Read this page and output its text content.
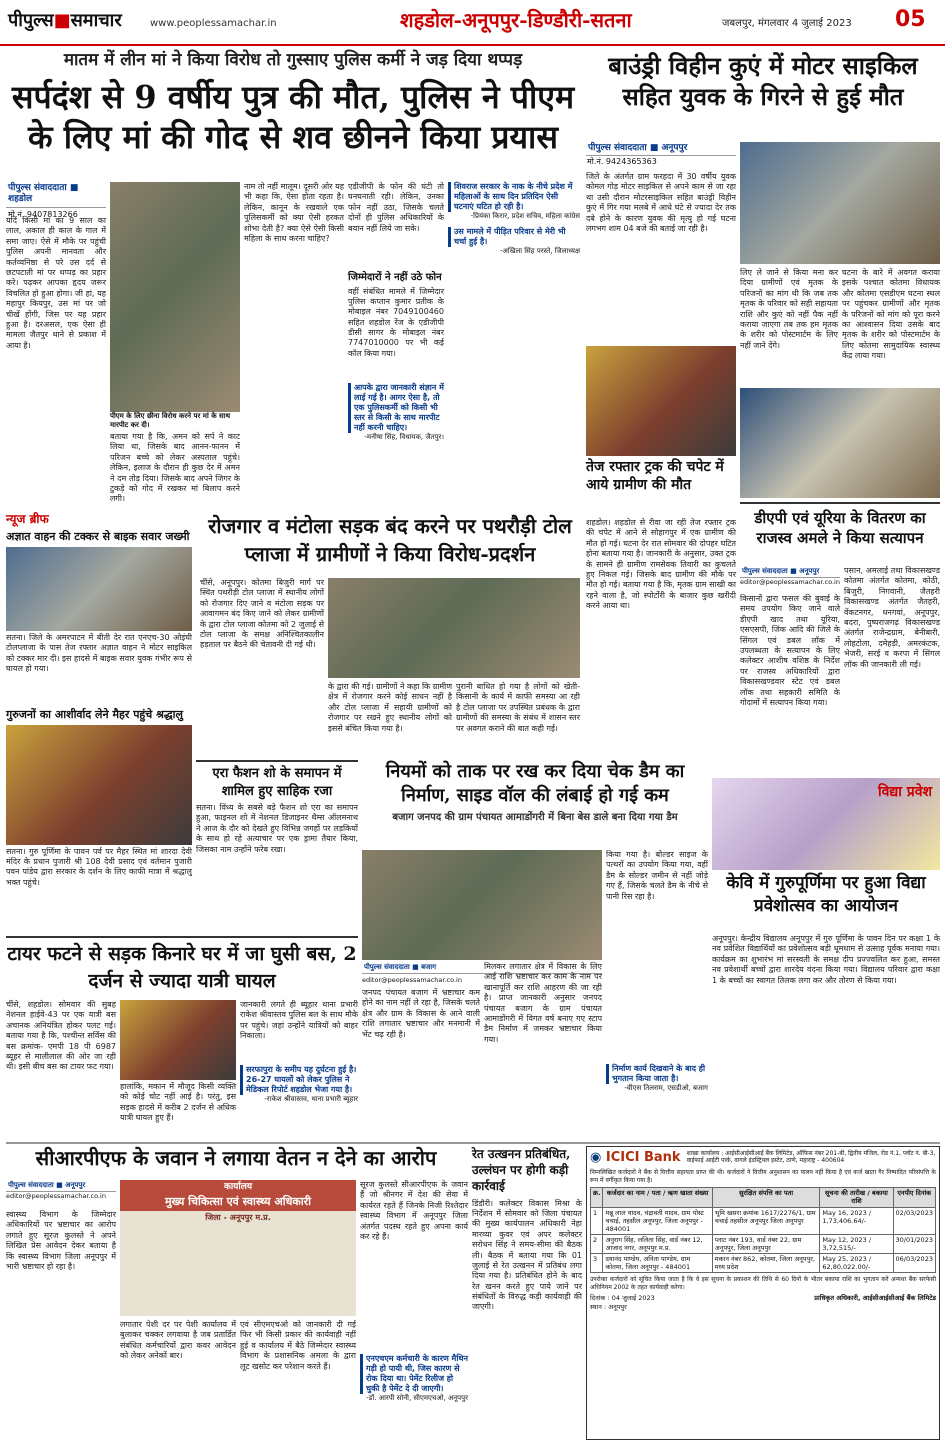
पीपुल्स■समाचार	www.peoplessamachar.in	शहडोल-अनूपपुर-डिण्डौरी-सतना	जबलपुर, मंगलवार 4 जुलाई 2023 05
मातम में लीन मां ने किया विरोध तो गुस्साए पुलिस कर्मी ने जड़ दिया थप्पड़
सर्पदंश से 9 वर्षीय पुत्र की मौत, पुलिस ने पीएम के लिए मां की गोद से शव छीनने किया प्रयास
पीपुल्स संवाददाता ■ शहडोल
मो.नं. 9407813266
यदि किसी मां का 9 साल का लाल, अकाल ही काल के गाल में समा जाए। ऐसे में मौके पर पहुंची पुलिस अपनी मानवता और कर्तव्यनिष्ठा से परे उस दर्द से छटपटाती मां पर थप्पड़ का प्रहार करे। पढ़कर आपका हृदय जरूर विचलित हो हुआ होगा। जी हां, यह महापुर कियपुर, उस मां पर जो चीखें होंगी, जिस पर यह प्रहार हुआ है। दरअसल, एक ऐसा ही मामला जैतपुर थाने से प्रकाश में आया है।
पीएम के लिए छीना विरोध करने पर मां के साथ मारपीट कर दी।
बताया गया है कि, अमन को सर्प ने काट लिया था, जिसके बाद आनन-फानन में परिजन बच्चे को लेकर अस्पताल पहुंचे। लेकिन, इलाज के दौरान ही कुछ देर में अमन ने दम तोड़ दिया। जिसके बाद अपने जिगर के टुकड़े को गोद में रखकर मां बिलाप करने लगी।
नाम तो नहीं मालूम। दूसरी ओर यह भी कहा कि, ऐसा होता रहता है। लेकिन, कानून के रखवाले एक पुलिसकर्मी को क्या ऐसी हरकत शोभा देती है? क्या ऐसे ऐसी किसी महिला के साथ करना चाहिए?
एडीजीपी के फोन की घंटी तो घनघनाती रही। लेकिन, उनका फोन नहीं उठा, जिसके चलते दोनों ही पुलिस अधिकारियों के बयान नहीं लिये जा सके।
जिम्मेदारों ने नहीं उठे फोन
वहीं संबंधित मामले में जिम्मेदार पुलिस कप्तान कुमार प्रतीक के मोबाइल नंबर 7049100460 सहित शहडोल रेंज के एडीजीपी डीसी सागर के मोबाइल नंबर 7747010000 पर भी कई कॉल किया गया।
आपके द्वारा जानकारी संज्ञान में लाई गई है। आगर ऐसा है, तो एक पुलिसकर्मी को किसी भी स्तर से किसी के साथ मारपीट नहीं करनी चाहिए।
-मनीषा सिंह, विधायक, जैतपुर।
शिवराज सरकार के नाक के नीचे प्रदेश में महिलाओं के साथ दिन प्रतिदिन ऐसी घटनाएं घटित हो रही है।
-प्रियंका किरार, प्रदेश सचिव, महिला कांग्रेस
उस मामले में पीड़ित परिवार से मेरी भी चर्चा हुई है।
-अखिला सिंह परस्ते, जिलाध्यक्ष
बाउंड्री विहीन कुएं में मोटर साइकिल सहित युवक के गिरने से हुई मौत
पीपुल्स संवाददाता ■ अनूपपुर
मो.नं. 9424365363
जिले के अंतर्गत ग्राम फरहदा में 30 वर्षीय युवक कोमल गोड़ मोटर साइकिल से अपने काम से जा रहा था उसी दौरान मोटरसाइकिल सहित बाउंड्री विहीन कुएं में गिर गया मलबे में आधे घंटे से ज्यादा देर तक दबे होने के कारण युवक की मृत्यु हो गई घटना लगभग शाम 04 बजे की बताई जा रही है।
लिए ले जाने से किया मना कर दिया ग्रामीणों एवं मृतक के परिजनों का मांग थी कि जब तक मृतक के परिवार को सही सहायता राशि और कुएं को नहीं पैक नहीं कराया जाएगा तब तक हम मृतक के शरीर को पोस्टमार्टम के लिए नहीं जाने देंगे।
घटना के बारे में अवगत कराया इसके पश्चात कोतमा विधायक और कोतमा एसडीएम घटना स्थल पर पहुंचकर ग्रामीणों और मृतक के परिजनों को मांग को पूरा करने का आश्वासन दिया उसके बाद मृतक के शरीर को पोस्टमार्टम के लिए कोतमा सामुदायिक स्वास्थ्य केंद्र लाया गया।
तेज रफ्तार ट्रक की चपेट में आये ग्रामीण की मौत
शहडोल। शहडोल से रीवा जा रही तेज रफ्तार ट्रक की चपेट में आने से सोहागपुर में एक ग्रामीण की मौत हो गई। घटना देर रात सोमवार की दोपहर घटित होना बताया गया है। जानकारी के अनुसार, उक्त ट्रक के सामने ही ग्रामीण रामसेवक तिवारी का कुचलते हुए निकल गई। जिसके बाद ग्रामीण की मौके पर मौत हो गई। बताया गया है कि, मृतक ग्राम साखी का रहने वाला है, जो स्पोर्टोरी के बाजार कुछ खरीदी करने आया था।
डीएपी एवं यूरिया के वितरण का राजस्व अमले ने किया सत्यापन
पीपुल्स संवाददाता ■ अनूपपुर
editor@peoplessamachar.co.in
किसानों द्वारा फसल की बुवाई के समय उपयोग किए जाने वाले डीएपी खाद तथा यूरिया, एसएसपी, जिंक आदि की जिले के सिंगल एवं डबल लॉक में उपलब्धता के सत्यापन के लिए कलेक्टर आशीष वशिष्ठ के निर्देश पर राजस्व अधिकारियों द्वारा विकासखण्डवार स्टेट एवं डबल लॉक तथा सहकारी समिति के गोदामों में सत्यापन किया गया।
पसान, अमलाई तथा विकासखण्ड कोतमा अंतर्गत कोतमा, कोठी, बिजुरी, निगवानी, जैतहरी विकासखण्ड अंतर्गत जैतहरी, वेंकटनगर, धनगवां, अनूपपुर, बदरा, पुष्पराजगढ़ विकासखण्ड अंतर्गत राजेन्द्रग्राम, बेनीबारी, लोहटोला, दमेहड़ी, अमरकंटक, भेजरी, सरई व करपा में सिंगल लॉक की जानकारी ली गई।
विद्या प्रवेश
केवि में गुरुपूर्णिमा पर हुआ विद्या प्रवेशोत्सव का आयोजन
अनूपपुर। केन्द्रीय विद्यालय अनूपपुर में गुरु पूर्णिमा के पावन दिन पर कक्षा 1 के नव प्रवेशित विद्यार्थियों का प्रवेशोत्सव बड़ी धूमधाम से उत्साह पूर्वक मनाया गया। कार्यक्रम का शुभारंभ मां सरस्वती के समक्ष दीप प्रज्ज्वलित कर हुआ, समस्त नव प्रवेशार्थी बच्चों द्वारा शारदेय वंदना किया गया। विद्यालय परिवार द्वारा कक्षा 1 के बच्चों का स्वागत तिलक लगा कर और तोरण से किया गया।
रोजगार व मंटोला सड़क बंद करने पर पथरौड़ी टोल प्लाजा में ग्रामीणों ने किया विरोध-प्रदर्शन
चींसे, अनूपपुर। कोतमा बिजुरी मार्ग पर स्थित पथरौड़ी टोल प्लाजा में स्थानीय लोगों को रोजगार दिए जाने व मंटोला सड़क पर आवागमन बंद किए जाने को लेकर ग्रामीणों के द्वारा टोल प्लाजा कोतमा को 2 जुलाई से टोल प्लाजा के समक्ष अनिश्चितकालीन हड़ताल पर बैठने की चेतावनी दी गई थी।
के द्वारा की गई। ग्रामीणों ने कहा कि ग्रामीण क्षेत्र में रोजगार करने कोई साधन नहीं है और टोल प्लाजा में सहायी ग्रामीणों को रोजगार पर रखने हुए स्थानीय लोगों को इससे बंचित किया गया है।
पुरानी बाधित हो गया है लोगों को खेती-किसानी के कार्य में काफी समस्या आ रही है टोल प्लाजा पर उपस्थित प्रबंधक के द्वारा ग्रामीणों की समस्या के संबंध में शासन स्तर पर अवगत कराने की बात कही गई।
न्यूज ब्रीफ
अज्ञात वाहन की टक्कर से बाइक सवार जख्मी
सतना। जिले के अमरपाटन में बीती देर रात एनएच-30 ओइंघी टोलप्लाजा के पास तेज रफ्तार अज्ञात वाहन ने मोटर साइकिल को टक्कर मार दी। इस हादसे में बाइक सवार युवक गंभीर रूप से घायल हो गया।
गुरुजनों का आशीर्वाद लेने मैहर पहुंचे श्रद्धालु
सतना। गुरु पूर्णिमा के पावन पर्व पर मैहर स्थित मां शारदा देवी मंदिर के प्रधान पुजारी श्री 108 देवी प्रसाद एवं वर्तमान पुजारी पवन पांडेय द्वारा सरकार के दर्शन के लिए काफी मात्रा में श्रद्धालु भक्त पहुंचे।
एरा फैशन शो के समापन में शामिल हुए साहिक रजा
सतना। विंध्य के सबसे बड़े फैशन शो एरा का समापन हुआ, फाइनल शो में नेशनल डिजाइनर थैम्स ऑलमनाथ ने आज के दौर को देखते हुए विभिन्न जगहों पर लड़कियों के साथ हो रहे अत्याचार पर एक ड्रामा तैयार किया, जिसका नाम उन्होंने फरेब रखा।
नियमों को ताक पर रख कर दिया चेक डैम का निर्माण, साइड वॉल की लंबाई हो गई कम
बजाग जनपद की ग्राम पंचायत आमाडोंगरी में बिना बेस डाले बना दिया गया डैम
पीपुल्स संवाददाता ■ बजाग
editor@peoplessamachar.co.in
जनपद पंचायत बजाग में भ्रष्टाचार कम होने का नाम नहीं ले रहा है, जिसके चलते क्षेत्र और ग्राम के विकास के आने वाली राशि लगातार भ्रष्टाचार और मनमानी में भेंट चढ़ रही है।
मिलकर लगातार क्षेत्र में विकास के लिए आई राशि भ्रष्टाचार कर काम के नाम पर खानापूर्ति कर राशि आहरण की जा रही है। प्राप्त जानकारी अनुसार जनपद पंचायत बजाग के ग्राम पंचायत आमाडोंगरी में विगत वर्ष बनाए गए स्टाप डैम निर्माण में जमकर भ्रष्टाचार किया गया।
किया गया है। बोल्डर साइज के पत्थरों का उपयोग किया गया, वहीं डैम के सोल्डर जमीन से नहीं जोड़े गए हैं, जिसके चलते डैम के नीचे से पानी रिस रहा है।
निर्माण कार्य दिखवाने के बाद ही भुगतान किया जाता है।
-वीएस तिलराम, एसडीओ, बजाग
टायर फटने से सड़क किनारे घर में जा घुसी बस, 2 दर्जन से ज्यादा यात्री घायल
चींसे, शहडोल। सोमवार की सुबह नेशनल हाईवे-43 पर एक यात्री बस अचानक अनियंत्रित होकर पलट गई। बताया गया है कि, पश्चीन्त सर्विस की बस क्रमांक- एमपी 18 पी 6987 ब्यूहर से मालीलाल की ओर जा रही थी। इसी बीच बस का टायर फट गया।
हालांकि, मकान में मौजूद किसी व्यक्ति को कोई चोट नहीं आई है। परंतु, इस सड़क हादसे में करीब 2 दर्जन से अधिक यात्री घायल हुए हैं।
जानकारी लगते ही ब्यूहार थाना प्रभारी राकेश श्रीवास्तव पुलिस बल के साथ मौके पर पहुंचे। जहां उन्होंने यात्रियों को बाहर निकाला।
सरफापुरा के समीप यह दुर्घटना हुई है। 26-27 घायलों को लेकर पुलिस ने मेडिकल रिपोर्ट शहडोल भेजा गया है।
-राकेश श्रीवास्तव, थाना प्रभारी ब्यूहार
सीआरपीएफ के जवान ने लगाया वेतन न देने का आरोप
पीपुल्स संवाददाता ■ अनूपपुर
editor@peoplessamachar.co.in
स्वास्थ्य विभाग के जिम्मेदार अधिकारियों पर भ्रष्टाचार का आरोप लगाते हुए सूरज कुलस्ते ने अपने लिखित प्रेस आवेदन देकर बताया है कि स्वास्थ्य विभाग जिला अनूपपुर में भारी भ्रष्टाचार हो रहा है।
कार्यालय
मुख्य चिकित्सा एवं स्वास्थ्य अधिकारी
जिला - अनूपपुर म.प्र.
लगातार पेशी दर पर पेशी कार्यालय में बुलाकर चक्कर लगवाया है जब प्रतार्डित संबंधित कर्मचारियों द्वारा कवर आवेदन को लेकर अनेकों बार।
एवं सीएमएचओ को जानकारी दी गई फिर भी किसी प्रकार की कार्यवाही नहीं हुई व कार्यालय में बैठे जिम्मेदार स्वास्थ्य विभाग के प्रशासनिक अमला के द्वारा लूट खसोट कर परेशान करते हैं।
सूरज कुलस्ते सीआरपीएफ के जवान हैं जो श्रीनगर में देश की सेवा में कार्यरत रहते हैं जिनके निजी रिश्तेदार स्वास्थ्य विभाग में अनूपपुर जिला अंतर्गत पदस्थ रहते हुए अपना कार्य कर रहे हैं।
एनएचएम कर्मचारी के कारण मैथिन गड़ी हो पायी थी, जिस कारण से रोक दिया था। पेमेंट रिलीज हो चुकी है पेमेंट दे दी जाएगी।
-डॉ. आरपी सोनी, सीएमएचओ, अनूपपुर
रेत उत्खनन प्रतिबंधित, उल्लंघन पर होगी कड़ी कार्रवाई
डिंडौरी। कलेक्टर विकास मिश्रा के निर्देशन में सोमवार को जिला पंचायत की मुख्य कार्यपालन अधिकारी नेहा मारव्या कुवर एवं अपर कलेक्टर सरोधन सिंह ने समय-सीमा की बैठक ली। बैठक में बताया गया कि 01 जुलाई से रेत उत्खनन में प्रतिबंध लगा दिया गया है। प्रतिबंधित होने के बाद रेत खनन करते हुए पाये जाने पर संबंधितों के विरुद्ध कड़ी कार्यवाही की जाएगी।
◉ ICICI Bank शाखा कार्यालय : आईसीआईसीआई बैंक लिमिटेड, ऑफिस नंबर 201-बी, द्वितीय मंजिल, रोड नं.1, प्लॉट नं. बी-3, वाईफाई आईटी पार्क, वागले इंडस्ट्रियल इस्टेट, ठाणे, महाराष्ट्र - 400604
निम्नलिखित कर्जदारों ने बैंक से वित्तीय सहायता प्राप्त की थी। कर्जदारों ने वित्तीय अनुशासन का पालन नहीं किया है एवं कर्ज खाता गैर निष्पादित परिसंपत्ति के रूप में वर्गीकृत किया गया है।
क्र.	कर्जदार का नाम / पता / ऋण खाता संख्या	सुरक्षित संपत्ति का पता	सूचना की तारीख / बकाया राशि	एनपीए दिनांक
1	मन्नू लाल यादव, चंद्रावती यादव, ग्राम पोस्ट चचाई, तहसील अनूपपुर, जिला अनूपपुर - 484001	भूमि खसरा क्रमांक 1617/2276/1, ग्राम चचाई तहसील अनूपपुर जिला अनूपपुर	May 16, 2023 / 1,73,406.64/-	02/03/2023
2	अनुराग सिंह, ललिता सिंह, वार्ड नंबर 12, आजाद नगर, अनूपपुर म.प्र.	प्लाट नंबर 193, वार्ड नंबर 22, ग्राम अनूपपुर, जिला अनूपपुर	May 12, 2023 / 3,72,515/-	30/01/2023
3	दयानंद पाण्डेय, अनिता पाण्डेय, ग्राम कोतमा, जिला अनूपपुर - 484001	मकान नंबर 862, कोतमा, जिला अनूपपुर, मध्य प्रदेश	May 25, 2023 / 62,80,022.00/-	06/03/2023
उपरोक्त कर्जदारों को सूचित किया जाता है कि वे इस सूचना के प्रकाशन की तिथि से 60 दिनों के भीतर बकाया राशि का भुगतान करें अन्यथा बैंक सरफेसी अधिनियम 2002 के तहत कार्यवाही करेगा।
दिनांक : 04 जुलाई 2023
स्थान : अनूपपुर
प्राधिकृत अधिकारी, आईसीआईसीआई बैंक लिमिटेड
